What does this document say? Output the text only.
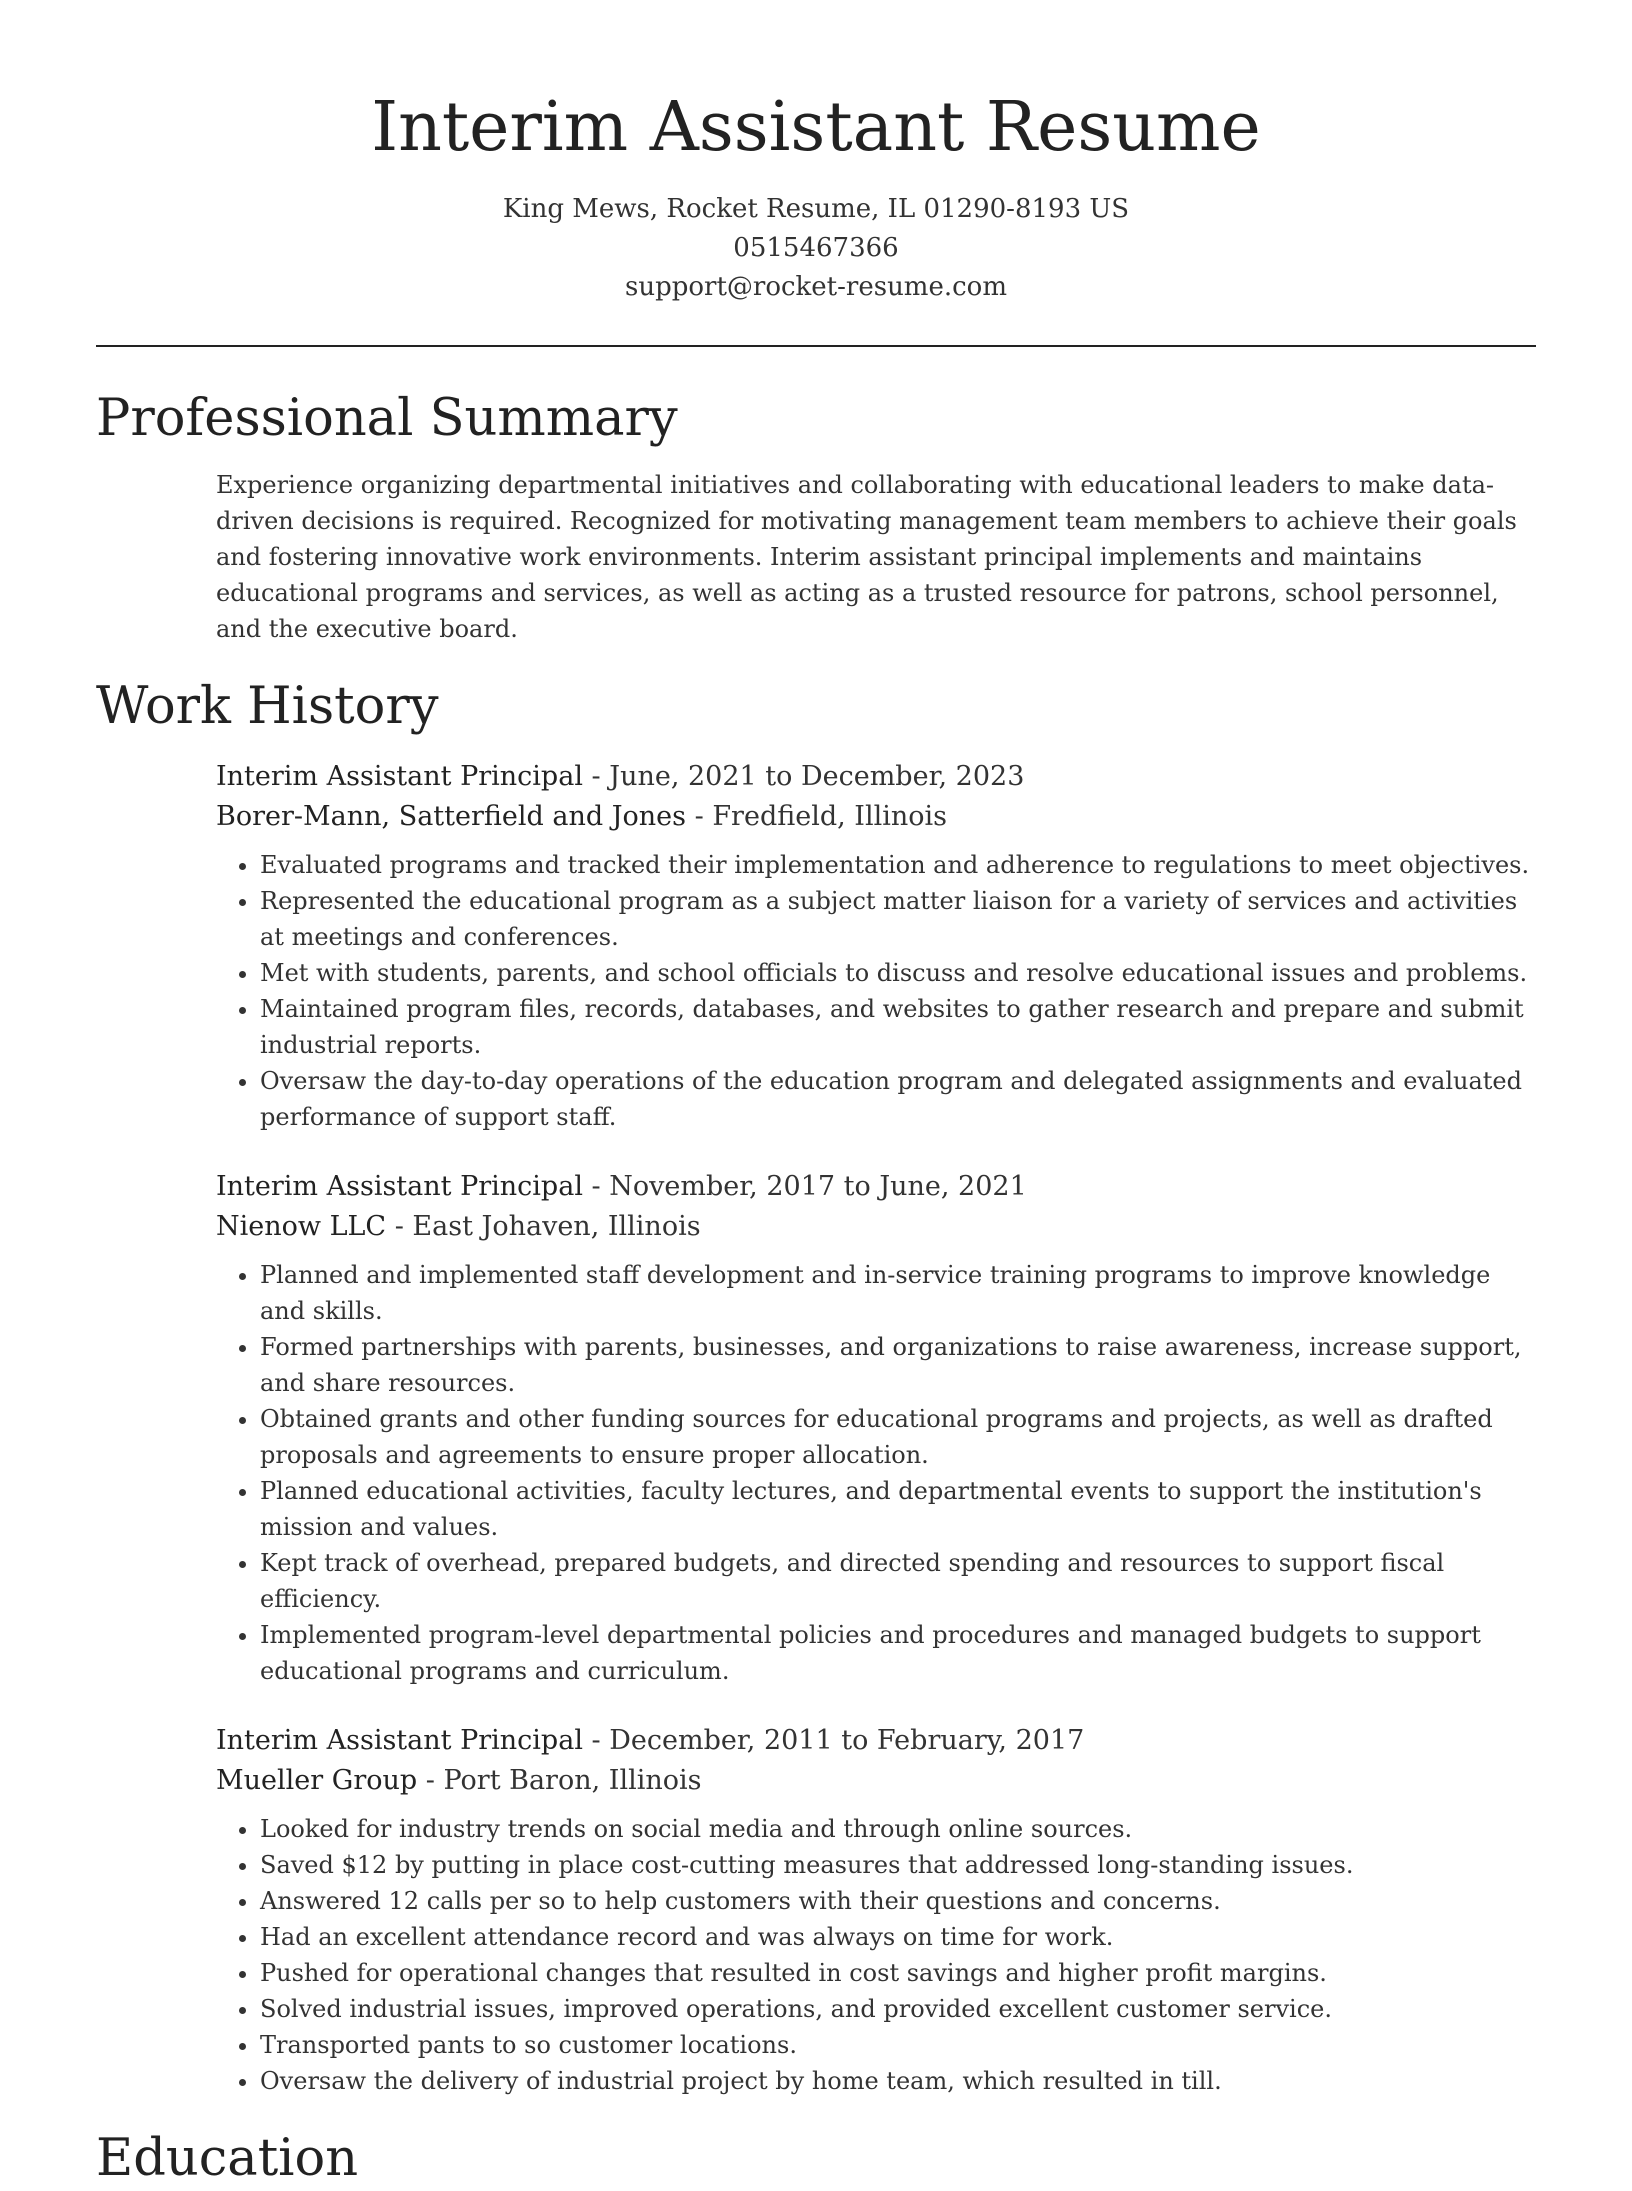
Interim Assistant Resume
King Mews, Rocket Resume, IL 01290-8193 US
0515467366
support@rocket-resume.com
Professional Summary

Experience organizing departmental initiatives and collaborating with educational leaders to make data-driven decisions is required. Recognized for motivating management team members to achieve their goals and fostering innovative work environments. Interim assistant principal implements and maintains educational programs and services, as well as acting as a trusted resource for patrons, school personnel, and the executive board.

Work History
Interim Assistant Principal - June, 2021 to December, 2023
Borer-Mann, Satterfield and Jones - Fredfield, Illinois
• Evaluated programs and tracked their implementation and adherence to regulations to meet objectives.
• Represented the educational program as a subject matter liaison for a variety of services and activities at meetings and conferences.
• Met with students, parents, and school officials to discuss and resolve educational issues and problems.
• Maintained program files, records, databases, and websites to gather research and prepare and submit industrial reports.
• Oversaw the day-to-day operations of the education program and delegated assignments and evaluated performance of support staff.
Interim Assistant Principal - November, 2017 to June, 2021
Nienow LLC - East Johaven, Illinois
• Planned and implemented staff development and in-service training programs to improve knowledge and skills.
• Formed partnerships with parents, businesses, and organizations to raise awareness, increase support, and share resources.
• Obtained grants and other funding sources for educational programs and projects, as well as drafted proposals and agreements to ensure proper allocation.
• Planned educational activities, faculty lectures, and departmental events to support the institution's mission and values.
• Kept track of overhead, prepared budgets, and directed spending and resources to support fiscal efficiency.
• Implemented program-level departmental policies and procedures and managed budgets to support educational programs and curriculum.
Interim Assistant Principal - December, 2011 to February, 2017
Mueller Group - Port Baron, Illinois
• Looked for industry trends on social media and through online sources.
• Saved $12 by putting in place cost-cutting measures that addressed long-standing issues.
• Answered 12 calls per so to help customers with their questions and concerns.
• Had an excellent attendance record and was always on time for work.
• Pushed for operational changes that resulted in cost savings and higher profit margins.
• Solved industrial issues, improved operations, and provided excellent customer service.
• Transported pants to so customer locations.
• Oversaw the delivery of industrial project by home team, which resulted in till.
Education
